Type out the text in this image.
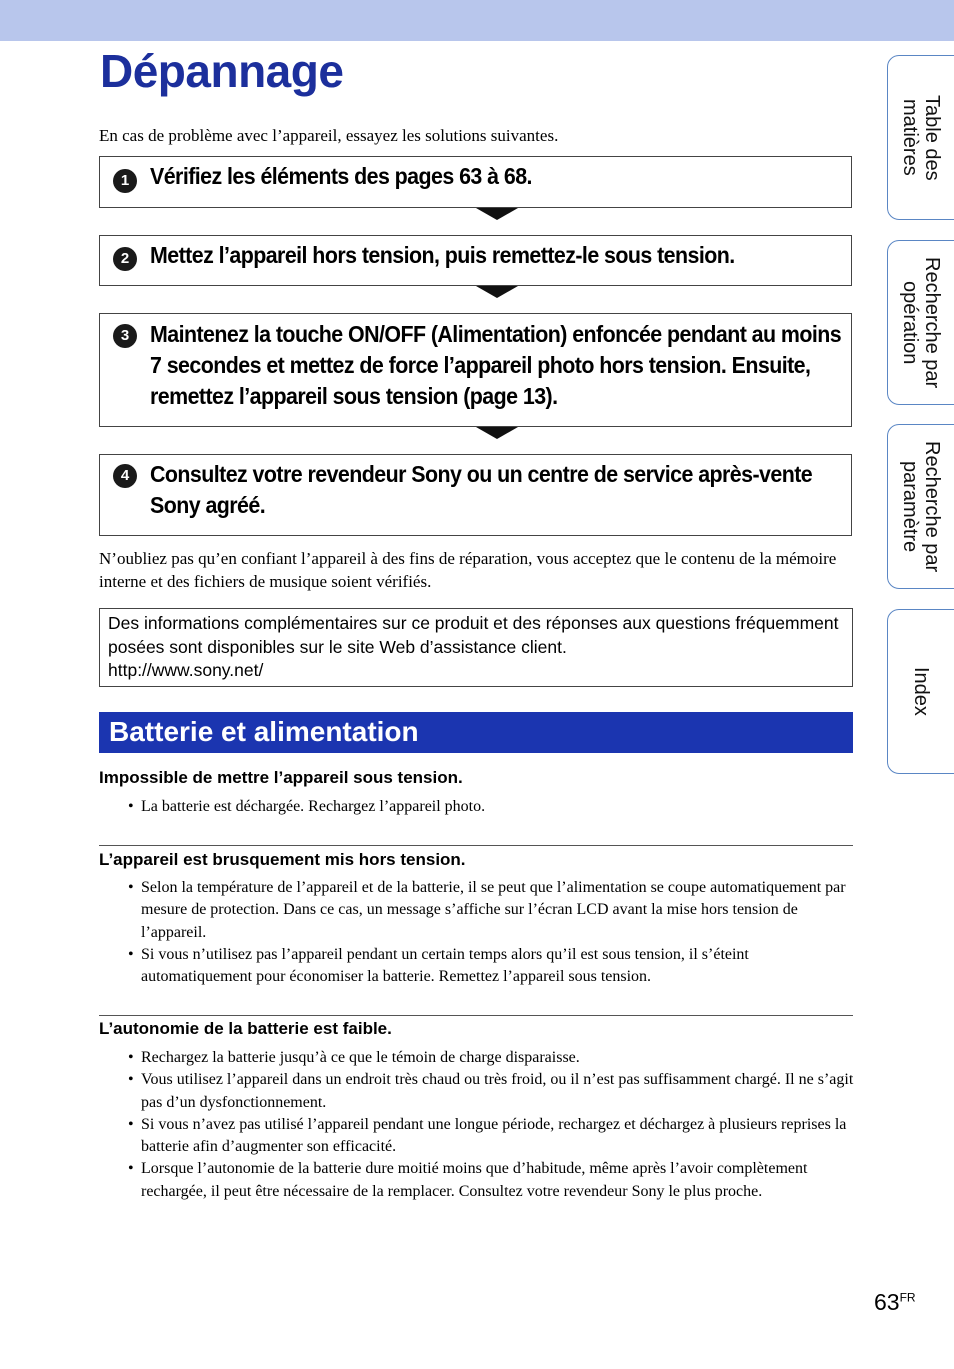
Dépannage
En cas de problème avec l’appareil, essayez les solutions suivantes.
1 Vérifiez les éléments des pages 63 à 68.
2 Mettez l’appareil hors tension, puis remettez-le sous tension.
3 Maintenez la touche ON/OFF (Alimentation) enfoncée pendant au moins 7 secondes et mettez de force l’appareil photo hors tension. Ensuite, remettez l’appareil sous tension (page 13).
4 Consultez votre revendeur Sony ou un centre de service après-vente Sony agréé.
N’oubliez pas qu’en confiant l’appareil à des fins de réparation, vous acceptez que le contenu de la mémoire interne et des fichiers de musique soient vérifiés.
Des informations complémentaires sur ce produit et des réponses aux questions fréquemment posées sont disponibles sur le site Web d’assistance client.
http://www.sony.net/
Batterie et alimentation
Impossible de mettre l’appareil sous tension.
• La batterie est déchargée. Rechargez l’appareil photo.
L’appareil est brusquement mis hors tension.
• Selon la température de l’appareil et de la batterie, il se peut que l’alimentation se coupe automatiquement par mesure de protection. Dans ce cas, un message s’affiche sur l’écran LCD avant la mise hors tension de l’appareil.
• Si vous n’utilisez pas l’appareil pendant un certain temps alors qu’il est sous tension, il s’éteint automatiquement pour économiser la batterie. Remettez l’appareil sous tension.
L’autonomie de la batterie est faible.
• Rechargez la batterie jusqu’à ce que le témoin de charge disparaisse.
• Vous utilisez l’appareil dans un endroit très chaud ou très froid, ou il n’est pas suffisamment chargé. Il ne s’agit pas d’un dysfonctionnement.
• Si vous n’avez pas utilisé l’appareil pendant une longue période, rechargez et déchargez à plusieurs reprises la batterie afin d’augmenter son efficacité.
• Lorsque l’autonomie de la batterie dure moitié moins que d’habitude, même après l’avoir complètement rechargée, il peut être nécessaire de la remplacer. Consultez votre revendeur Sony le plus proche.
Table des matières
Recherche par opération
Recherche par paramètre
Index
$63^{FR}$
